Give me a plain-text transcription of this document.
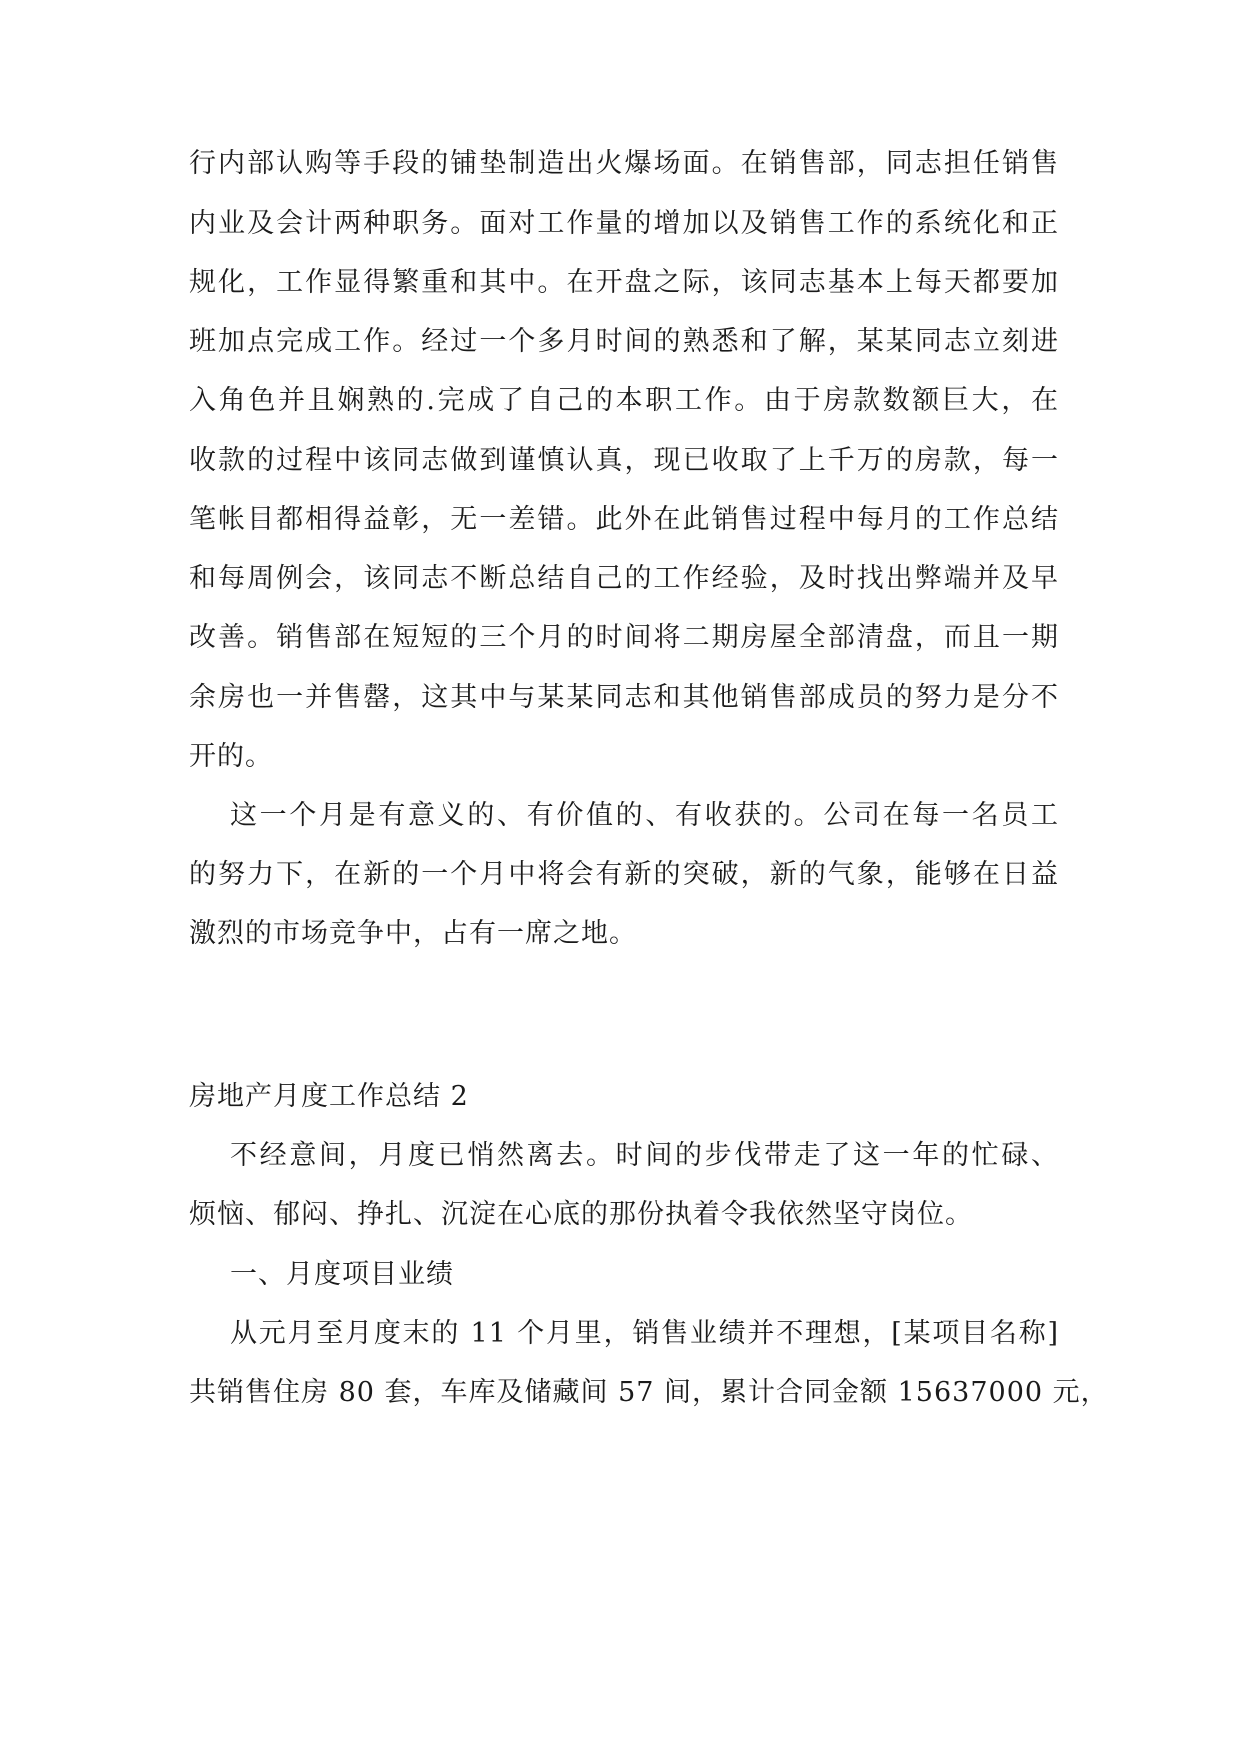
行内部认购等手段的铺垫制造出火爆场面。在销售部，同志担任销售
内业及会计两种职务。面对工作量的增加以及销售工作的系统化和正
规化，工作显得繁重和其中。在开盘之际，该同志基本上每天都要加
班加点完成工作。经过一个多月时间的熟悉和了解，某某同志立刻进
入角色并且娴熟的.完成了自己的本职工作。由于房款数额巨大，在
收款的过程中该同志做到谨慎认真，现已收取了上千万的房款，每一
笔帐目都相得益彰，无一差错。此外在此销售过程中每月的工作总结
和每周例会，该同志不断总结自己的工作经验，及时找出弊端并及早
改善。销售部在短短的三个月的时间将二期房屋全部清盘，而且一期
余房也一并售罄，这其中与某某同志和其他销售部成员的努力是分不
开的。
这一个月是有意义的、有价值的、有收获的。公司在每一名员工
的努力下，在新的一个月中将会有新的突破，新的气象，能够在日益
激烈的市场竞争中，占有一席之地。
房地产月度工作总结 2
不经意间，月度已悄然离去。时间的步伐带走了这一年的忙碌、
烦恼、郁闷、挣扎、沉淀在心底的那份执着令我依然坚守岗位。
一、月度项目业绩
从元月至月度末的 11 个月里，销售业绩并不理想，[某项目名称]
共销售住房 80 套，车库及储藏间 57 间，累计合同金额 15637000 元，
